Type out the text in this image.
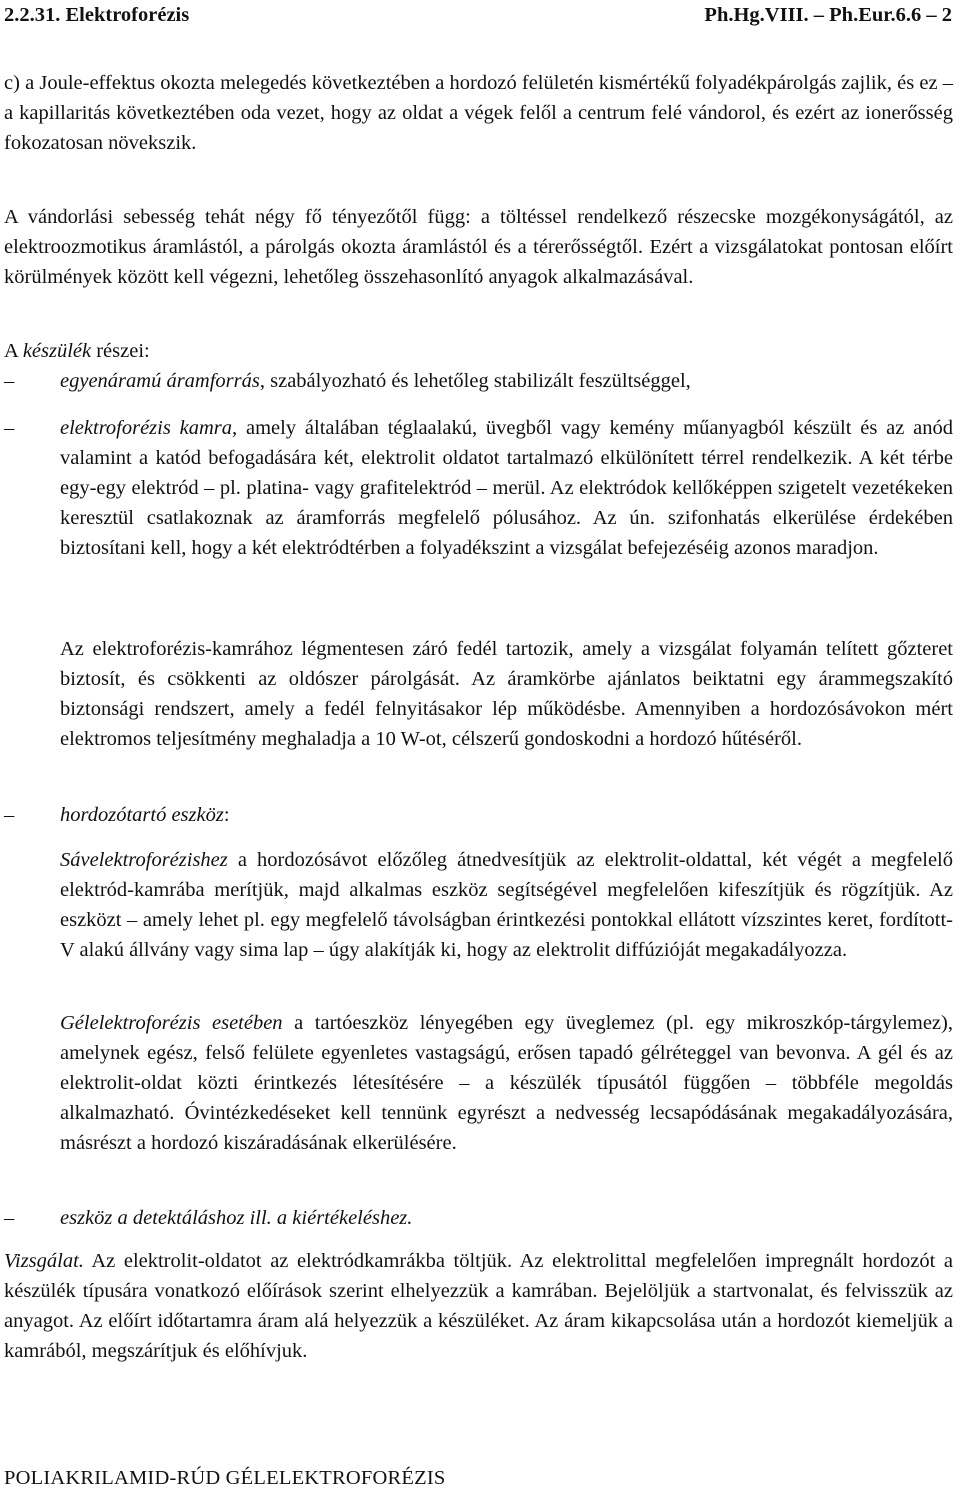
2.2.31. Elektroforézis	Ph.Hg.VIII. – Ph.Eur.6.6 – 2

c) a Joule-effektus okozta melegedés következtében a hordozó felületén kismértékű folyadékpárolgás zajlik, és ez – a kapillaritás következtében oda vezet, hogy az oldat a végek felől a centrum felé vándorol, és ezért az ionerősség fokozatosan növekszik.

A vándorlási sebesség tehát négy fő tényezőtől függ: a töltéssel rendelkező részecske mozgékonyságától, az elektroozmotikus áramlástól, a párolgás okozta áramlástól és a térerősségtől. Ezért a vizsgálatokat pontosan előírt körülmények között kell végezni, lehetőleg összehasonlító anyagok alkalmazásával.

A készülék részei:

–	egyenáramú áramforrás, szabályozható és lehetőleg stabilizált feszültséggel,

–	elektroforézis kamra, amely általában téglaalakú, üvegből vagy kemény műanyagból készült és az anód valamint a katód befogadására két, elektrolit oldatot tartalmazó elkülönített térrel rendelkezik. A két térbe egy-egy elektród – pl. platina- vagy grafitelektród – merül. Az elektródok kellőképpen szigetelt vezetékeken keresztül csatlakoznak az áramforrás megfelelő pólusához. Az ún. szifonhatás elkerülése érdekében biztosítani kell, hogy a két elektródtérben a folyadékszint a vizsgálat befejezéséig azonos maradjon.

Az elektroforézis-kamrához légmentesen záró fedél tartozik, amely a vizsgálat folyamán telített gőzteret biztosít, és csökkenti az oldószer párolgását. Az áramkörbe ajánlatos beiktatni egy árammegszakító biztonsági rendszert, amely a fedél felnyitásakor lép működésbe. Amennyiben a hordozósávokon mért elektromos teljesítmény meghaladja a 10 W-ot, célszerű gondoskodni a hordozó hűtéséről.

–	hordozótartó eszköz:

Sávelektroforézishez a hordozósávot előzőleg átnedvesítjük az elektrolit-oldattal, két végét a megfelelő elektród-kamrába merítjük, majd alkalmas eszköz segítségével megfelelően kifeszítjük és rögzítjük. Az eszközt – amely lehet pl. egy megfelelő távolságban érintkezési pontokkal ellátott vízszintes keret, fordított-V alakú állvány vagy sima lap – úgy alakítják ki, hogy az elektrolit diffúzióját megakadályozza.

Gélelektroforézis esetében a tartóeszköz lényegében egy üveglemez (pl. egy mikroszkóp-tárgylemez), amelynek egész, felső felülete egyenletes vastagságú, erősen tapadó gélréteggel van bevonva. A gél és az elektrolit-oldat közti érintkezés létesítésére – a készülék típusától függően – többféle megoldás alkalmazható. Óvintézkedéseket kell tennünk egyrészt a nedvesség lecsapódásának megakadályozására, másrészt a hordozó kiszáradásának elkerülésére.

–	eszköz a detektáláshoz ill. a kiértékeléshez.

Vizsgálat. Az elektrolit-oldatot az elektródkamrákba töltjük. Az elektrolittal megfelelően impregnált hordozót a készülék típusára vonatkozó előírások szerint elhelyezzük a kamrában. Bejelöljük a startvonalat, és felvisszük az anyagot. Az előírt időtartamra áram alá helyezzük a készüléket. Az áram kikapcsolása után a hordozót kiemeljük a kamrából, megszárítjuk és előhívjuk.

POLIAKRILAMID-RÚD GÉLELEKTROFORÉZIS
